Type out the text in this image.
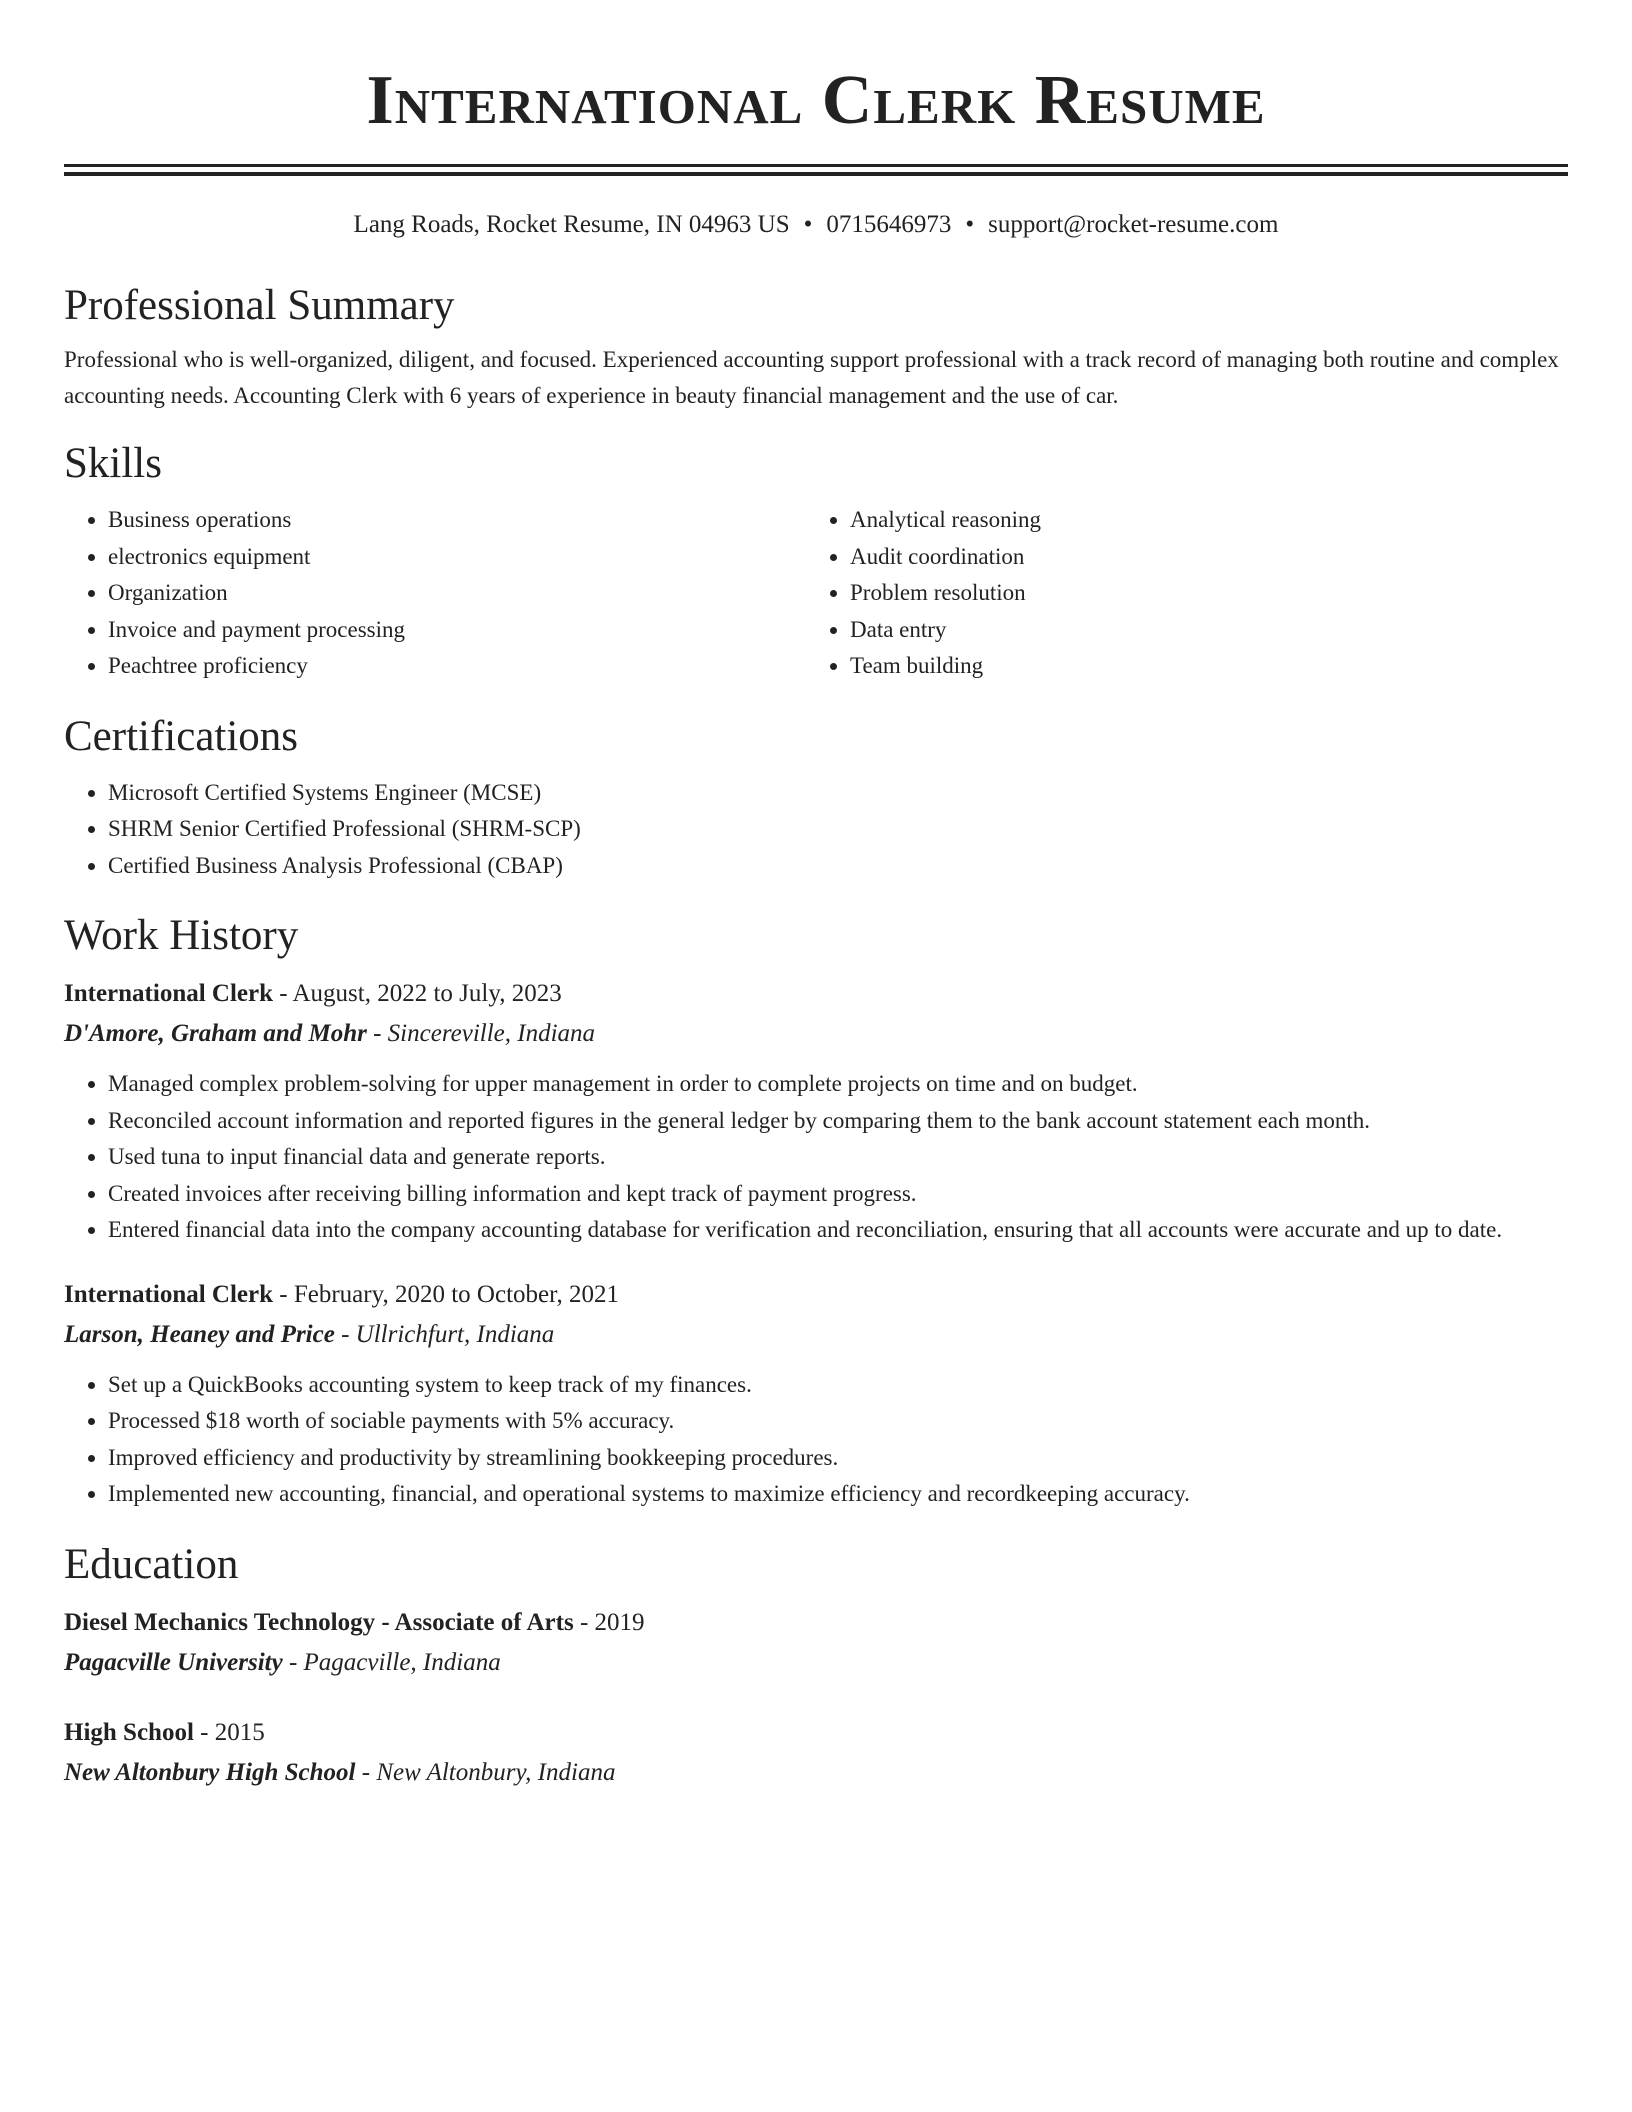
International Clerk Resume
Lang Roads, Rocket Resume, IN 04963 US • 0715646973 • support@rocket-resume.com
Professional Summary

Professional who is well-organized, diligent, and focused. Experienced accounting support professional with a track record of managing both routine and complex accounting needs. Accounting Clerk with 6 years of experience in beauty financial management and the use of car.

Skills
• Business operations
• electronics equipment
• Organization
• Invoice and payment processing
• Peachtree proficiency
• Analytical reasoning
• Audit coordination
• Problem resolution
• Data entry
• Team building
Certifications
• Microsoft Certified Systems Engineer (MCSE)
• SHRM Senior Certified Professional (SHRM-SCP)
• Certified Business Analysis Professional (CBAP)
Work History
International Clerk - August, 2022 to July, 2023
D'Amore, Graham and Mohr - Sincereville, Indiana
• Managed complex problem-solving for upper management in order to complete projects on time and on budget.
• Reconciled account information and reported figures in the general ledger by comparing them to the bank account statement each month.
• Used tuna to input financial data and generate reports.
• Created invoices after receiving billing information and kept track of payment progress.
• Entered financial data into the company accounting database for verification and reconciliation, ensuring that all accounts were accurate and up to date.
International Clerk - February, 2020 to October, 2021
Larson, Heaney and Price - Ullrichfurt, Indiana
• Set up a QuickBooks accounting system to keep track of my finances.
• Processed $18 worth of sociable payments with 5% accuracy.
• Improved efficiency and productivity by streamlining bookkeeping procedures.
• Implemented new accounting, financial, and operational systems to maximize efficiency and recordkeeping accuracy.
Education
Diesel Mechanics Technology - Associate of Arts - 2019
Pagacville University - Pagacville, Indiana
High School - 2015
New Altonbury High School - New Altonbury, Indiana
